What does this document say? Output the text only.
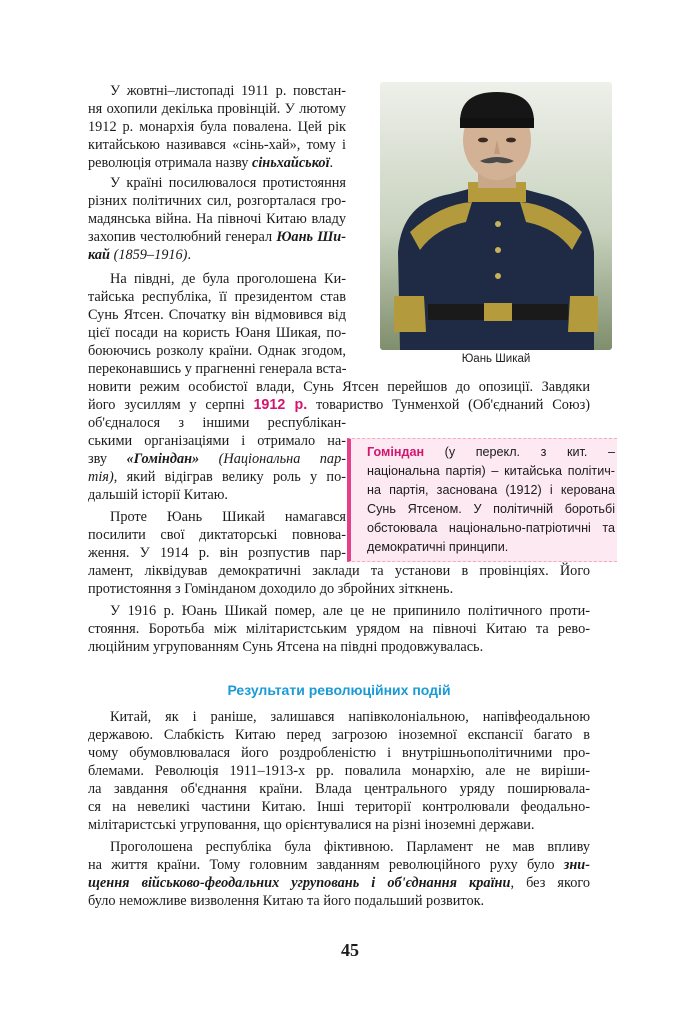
Юань Шикай
У жовтні–листопаді 1911 р. повстан-
ня охопили декілька провінцій. У лютому
1912 р. монархія була повалена. Цей рік
китайською називався «сінь-хай», тому і
революція отримала назву сіньхайської.
У країні посилювалося протистояння
різних політичних сил, розгорталася гро-
мадянська війна. На півночі Китаю владу
захопив честолюбний генерал Юань Ши-
кай (1859–1916).
На півдні, де була проголошена Ки-
тайська республіка, її президентом став
Сунь Ятсен. Спочатку він відмовився від
цієї посади на користь Юаня Шикая, по-
боюючись розколу країни. Однак згодом,
переконавшись у прагненні генерала вста-
новити режим особистої влади, Сунь Ятсен перейшов до опозиції. Завдяки
його зусиллям у серпні 1912 р. товариство Тунменхой (Об'єднаний Союз)
об'єдналося з іншими республікан-
ськими організаціями і отримало на-
зву «Гоміндан» (Національна пар-
тія), який відіграв велику роль у по-
дальшій історії Китаю.
Проте Юань Шикай намагався
посилити свої диктаторські повнова-
ження. У 1914 р. він розпустив пар-
ламент, ліквідував демократичні заклади та установи в провінціях. Його
протистояння з Гомінданом доходило до збройних зіткнень.
У 1916 р. Юань Шикай помер, але це не припинило політичного проти-
стояння. Боротьба між мілітаристським урядом на півночі Китаю та рево-
люційним угрупованням Сунь Ятсена на півдні продовжувалась.
Гоміндан (у перекл. з кит. –
національна партія) – китайська політич-
на партія, заснована (1912) і керована
Сунь Ятсеном. У політичній боротьбі
обстоювала національно-патріотичні та
демократичні принципи.
Результати революційних подій
Китай, як і раніше, залишався напівколоніальною, напівфеодальною
державою. Слабкість Китаю перед загрозою іноземної експансії багато в
чому обумовлювалася його роздробленістю і внутрішньополітичними про-
блемами. Революція 1911–1913-х рр. повалила монархію, але не виріши-
ла завдання об'єднання країни. Влада центрального уряду поширювала-
ся на невеликі частини Китаю. Інші території контролювали феодально-
мілітаристські угруповання, що орієнтувалися на різні іноземні держави.
Проголошена республіка була фіктивною. Парламент не мав впливу
на життя країни. Тому головним завданням революційного руху було зни-
щення військово-феодальних угруповань і об'єднання країни, без якого
було неможливе визволення Китаю та його подальший розвиток.
45
